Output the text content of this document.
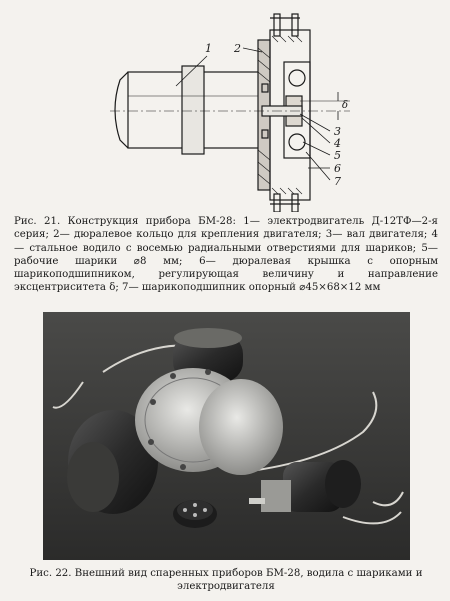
1 2
3
4
5
6
7
δ
Рис. 21. Конструкция прибора БМ-28: 1— электродвигатель Д-12ТФ—2-я серия; 2— дюралевое кольцо для крепления двигателя; 3— вал двигателя; 4— стальное водило с восемью радиальными отверстиями для шариков; 5— рабочие шарики ⌀8 мм; 6— дюралевая крышка с опорным шарикоподшипником, регулирующая величину и направление эксцентриситета δ; 7— шарикоподшипник опорный ⌀45×68×12 мм
Рис. 22. Внешний вид спаренных приборов БМ-28, водила с шариками и электродвигателя
